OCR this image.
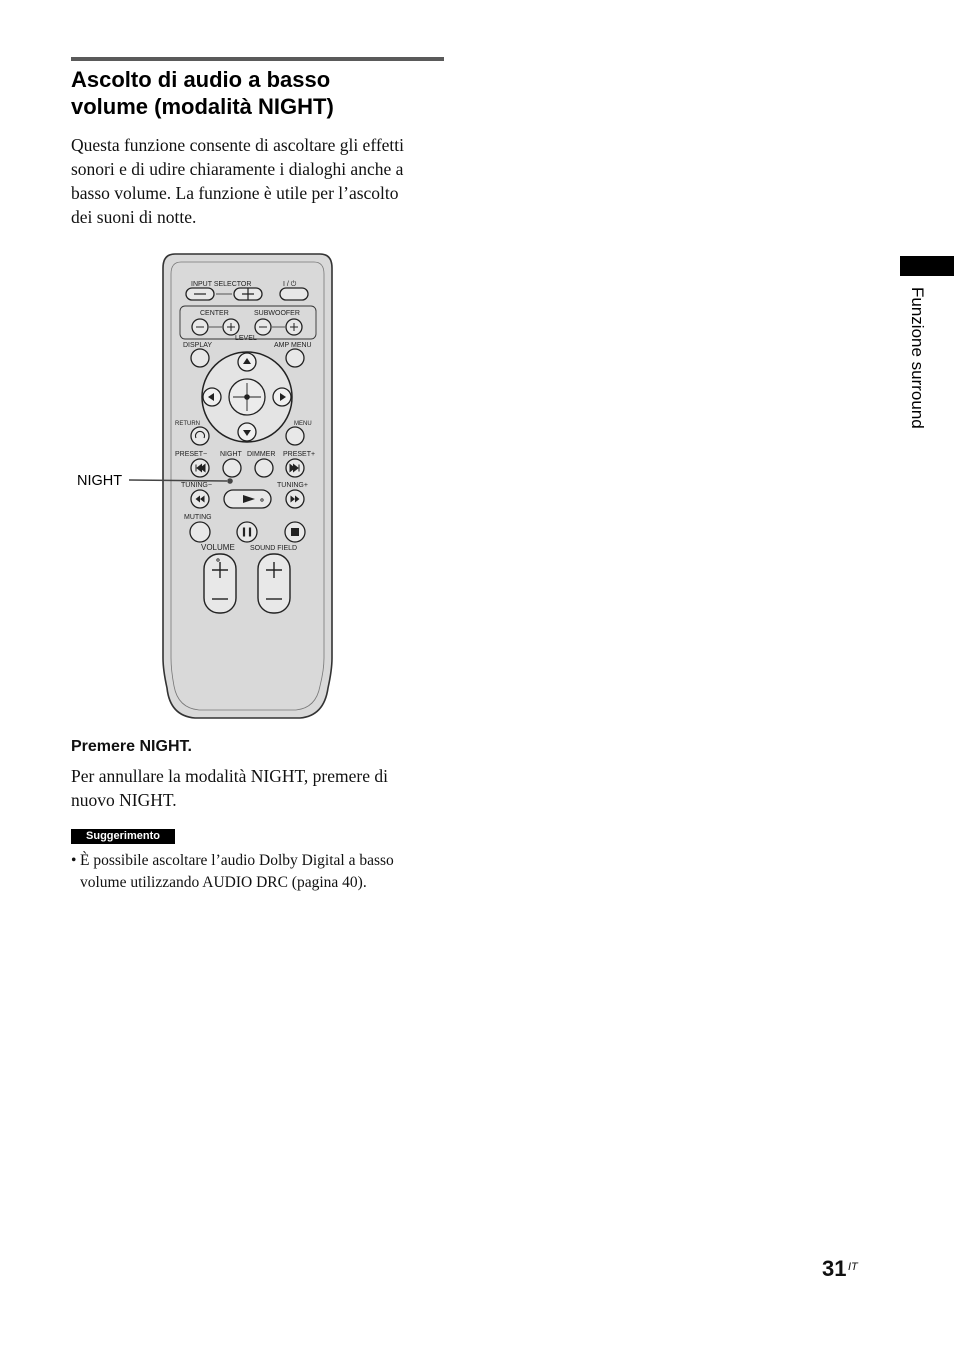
Ascolto di audio a basso
volume (modalità NIGHT)

Questa funzione consente di ascoltare gli effetti
sonori e di udire chiaramente i dialoghi anche a
basso volume. La funzione è utile per l’ascolto
dei suoni di notte.

INPUT SELECTOR	I / ⏻
CENTER	SUBWOOFER
LEVEL
DISPLAY	AMP MENU
RETURN	MENU
PRESET− NIGHT DIMMER PRESET+
NIGHT	TUNING−	TUNING+
MUTING
VOLUME SOUND FIELD
Premere NIGHT.

Per annullare la modalità NIGHT, premere di
nuovo NIGHT.

Suggerimento

• È possibile ascoltare l’audio Dolby Digital a basso
volume utilizzando AUDIO DRC (pagina 40).

Funzione surround
31 IT
